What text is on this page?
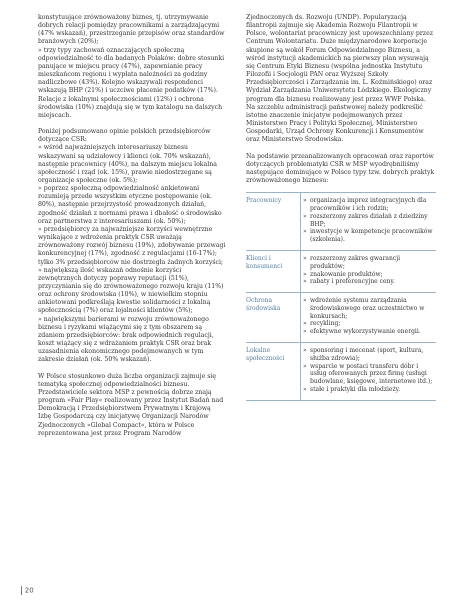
konstytuujące zrównoważony biznes, tj. utrzymywanie dobrych relacji pomiędzy pracownikami a zarządzającymi (47% wskazań), przestrzeganie przepisów oraz standardów branżowych (20%);

» trzy typy zachowań oznaczających społeczną odpowiedzialność to dla badanych Polaków: dobre stosunki panujące w miejscu pracy (47%), zapewnianie pracy mieszkańcom regionu i wypłata należności za godziny nadliczbowe (43%). Kolejno wskazywali respondenci wskazują BHP (21%) i uczciwe płacenie podatków (17%). Relacje z lokalnymi społecznościami (12%) i ochrona środowiska (10%) znajdują się w tym katalogu na dalszych miejscach.

Poniżej podsumowano opinie polskich przedsiębiorców dotyczące CSR:

» wśród najważniejszych interesariuszy biznesu wskazywani są udziałowcy i klienci (ok. 70% wskazań), następnie pracownicy (40%), na dalszym miejscu lokalna społeczność i rząd (ok. 15%), prawie niedostrzegane są organizacje społeczne (ok. 5%);

» poprzez społeczną odpowiedzialność ankietowani rozumieją przede wszystkim etyczne postępowanie (ok. 80%), następnie przejrzystość prowadzonych działań, zgodność działań z normami prawa i dbałość o środowisko oraz partnerstwa z interesariuszami (ok. 50%);

» przedsiębiorcy za najważniejsze korzyści wewnętrzne wynikające z wdrożenia praktyk CSR uważają zrównoważony rozwój biznesu (19%), zdobywanie przewagi konkurencyjnej (17%), zgodność z regulacjami (16-17%); tylko 3% przedsiębiorców nie dostrzegła żadnych korzyści;

» największą ilość wskazań odnośnie korzyści zewnętrznych dotyczy poprawy reputacji (51%), przyczyniania się do zrównoważonego rozwoju kraju (11%) oraz ochrony środowiska (10%), w niewielkim stopniu ankietowani podkreślają kwestie solidarności z lokalną społecznością (7%) oraz lojalności klientów (5%);

» największymi barierami w rozwoju zrównoważonego biznesu i ryzykami wiążącymi się z tym obszarem są zdaniem przedsiębiorców: brak odpowiednich regulacji, koszt wiążący się z wdrażaniem praktyk CSR oraz brak uzasadnienia ekonomicznego podejmowanych w tym zakresie działań (ok. 50% wskazań).

W Polsce stosunkowo duża liczba organizacji zajmuje się tematyką społecznej odpowiedzialności biznesu. Przedstawiciele sektora MSP z pewnością dobrze znają program »Fair Play« realizowany przez Instytut Badań nad Demokracją i Przedsiębiorstwem Prywatnym i Krajową Izbę Gospodarczą czy inicjatywę Organizacji Narodów Zjednoczonych »Global Compact«, która w Polsce reprezentowana jest przez Program Narodów

Zjednoczonych ds. Rozwoju (UNDP). Popularyzacją filantropii zajmuje się Akademia Rozwoju Filantropii w Polsce, wolontariat pracowniczy jest upowszechniany przez Centrum Wolontariatu. Duże międzynarodowe korporacje skupione są wokół Forum Odpowiedzialnego Biznesu, a wśród instytucji akademickich na pierwszy plan wysuwają się Centrum Etyki Biznesu (wspólna jednostka Instytutu Filozofii i Socjologii PAN oraz Wyższej Szkoły Przedsiębiorczości i Zarządzania im. L. Koźmińskiego) oraz Wydział Zarządzania Uniwersytetu Łódzkiego. Ekologiczny program dla biznesu realizowany jest przez WWF Polska. Na szczeblu administracji państwowej należy podkreślić istotne znaczenie inicjatyw podejmowanych przez Ministerstwo Pracy i Polityki Społecznej, Ministerstwo Gospodarki, Urząd Ochrony Konkurencji i Konsumentów oraz Ministerstwo Środowiska.

Na podstawie przeanalizowanych opracowań oraz raportów dotyczących problematyki CSR w MSP wyodrębniliśmy następujące dominujące w Polsce typy tzw. dobrych praktyk zrównoważonego biznesu:

Pracownicy	» organizacja imprez integracyjnych dla pracowników i ich rodzin;
» rozszerzony zakres działań z dziedziny BHP;
» inwestycje w kompetencje pracowników (szkolenia).
Klienci i konsumenci
» rozszerzony zakres gwarancji produktów;
» znakowanie produktów;
» rabaty i preferencyjne ceny.
Ochrona środowiska
» wdrożenie systemu zarządzania środowiskowego oraz uczestnictwo w konkursach;
» recykling;
» efektywne wykorzystywanie energii.
Lokalne społeczności
» sponsoring i mecenat (sport, kultura, służba zdrowia);
» wsparcie w postaci transferu dóbr i usług oferowanych przez firmę (usługi budowlane, księgowe, internetowe itd.);
» stałe i praktyki dla młodzieży.
20
